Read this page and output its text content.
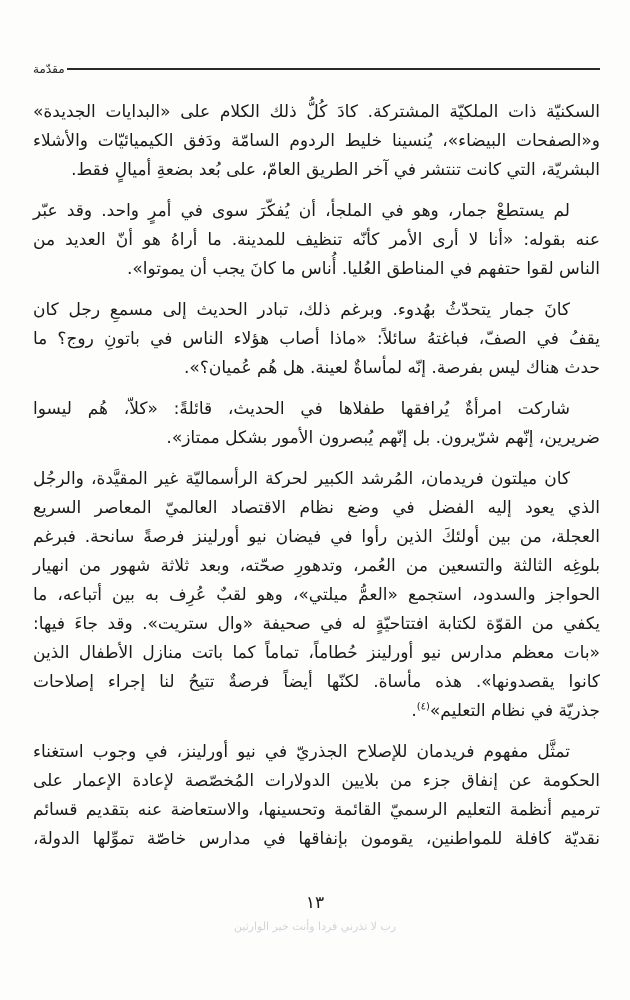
مقدّمة
السكنيّة ذات الملكيّة المشتركة. كادَ كُلُّ ذلك الكلام على «البدايات الجديدة»
و«الصفحات البيضاء»، يُنسينا خليط الردوم السامّة ودَفق الكيميائيّات والأشلاء
البشريّة، التي كانت تنتشر في آخر الطريق العامّ، على بُعد بضعةِ أميالٍ فقط.
لم يستطعْ جمار، وهو في الملجأ، أن يُفكّرَ سوى في أمرٍ واحد. وقد عبّر
عنه بقوله: «أنا لا أرى الأمر كأنّه تنظيف للمدينة. ما أراهُ هو أنّ العديد من
الناس لقوا حتفهم في المناطق العُليا. أُناس ما كانَ يجب أن يموتوا».
كانَ جمار يتحدّثُ بهُدوء. وبرغم ذلك، تبادر الحديث إلى مسمعِ رجل كان
يقفُ في الصفّ، فباغتهُ سائلاً: «ماذا أصاب هؤلاء الناس في باتونِ روج؟ ما
حدث هناك ليس بفرصة. إنّه لمأساةٌ لعينة. هل هُم عُميان؟».
شاركت امرأةٌ يُرافقها طفلاها في الحديث، قائلةً: «كلاّ، هُم ليسوا
ضريرين، إنّهم شرّيرون. بل إنّهم يُبصرون الأمور بشكل ممتاز».
كان ميلتون فريدمان، المُرشد الكبير لحركة الرأسماليّة غير المقيَّدة، والرجُل
الذي يعود إليه الفضل في وضع نظام الاقتصاد العالميّ المعاصر السريع
العجلة، من بين أولئكَ الذين رأوا في فيضان نيو أورلينز فرصةً سانحة. فبرغم
بلوغِه الثالثة والتسعين من العُمر، وتدهورِ صحّته، وبعد ثلاثة شهور من انهيار
الحواجز والسدود، استجمع «العمُّ ميلتي»، وهو لقبٌ عُرِف به بين أتباعه، ما
يكفي من القوّة لكتابة افتتاحيّةٍ له في صحيفة «وال ستريت». وقد جاءَ فيها:
«بات معظم مدارس نيو أورلينز حُطاماً، تماماً كما باتت منازل الأطفال الذين
كانوا يقصدونها». هذه مأساة. لكنّها أيضاً فرصةٌ تتيحُ لنا إجراء إصلاحات
جذريّة في نظام التعليم»$^{(٤)}$.
تمثَّل مفهوم فريدمان للإصلاح الجذريّ في نيو أورلينز، في وجوب استغناء
الحكومة عن إنفاق جزء من بلايين الدولارات المُخصّصة لإعادة الإعمار على
ترميم أنظمة التعليم الرسميّ القائمة وتحسينها، والاستعاضة عنه بتقديم قسائم
نقديّة كافلة للمواطنين، يقومون بإنفاقها في مدارس خاصّة تموِّلها الدولة،
١٣
رب لا تذرني فردا وأنت خير الوارثين
